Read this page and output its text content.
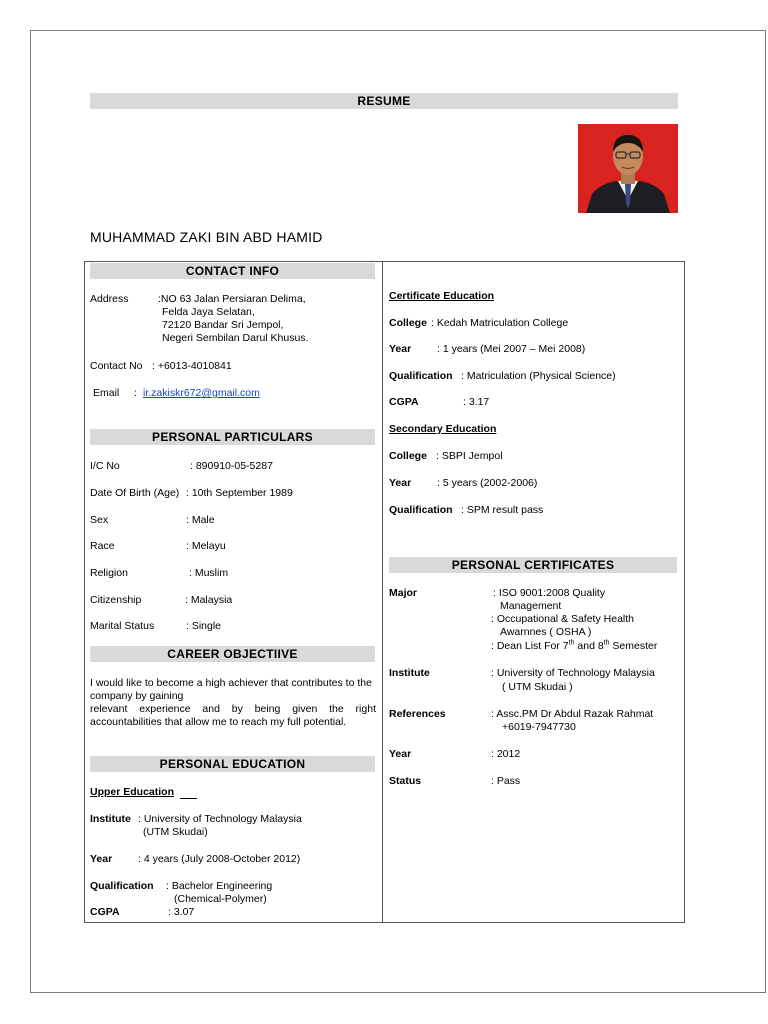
RESUME
MUHAMMAD ZAKI BIN ABD HAMID
CONTACT INFO
Address	:NO 63 Jalan Persiaran Delima,
Felda Jaya Selatan,
72120 Bandar Sri Jempol,
Negeri Sembilan Darul Khusus.
Contact No : +6013-4010841
Email : ir.zakiskr672@gmail.com
PERSONAL PARTICULARS
I/C No	: 890910-05-5287
Date Of Birth (Age) : 10th September 1989
Sex	: Male
Race	: Melayu
Religion	: Muslim
Citizenship	: Malaysia
Marital Status	: Single
CAREER OBJECTIIVE
I would like to become a high achiever that contributes to the company by gaining
relevant experience and by being given the right accountabilities that allow me to reach my full potential.
PERSONAL EDUCATION
Upper Education
Institute : University of Technology Malaysia
(UTM Skudai)
Year : 4 years (July 2008-October 2012)
Qualification : Bachelor Engineering
(Chemical-Polymer)
CGPA	: 3.07
Certificate Education
College : Kedah Matriculation College
Year : 1 years (Mei 2007 – Mei 2008)
Qualification : Matriculation (Physical Science)
CGPA	: 3.17
Secondary Education
College : SBPI Jempol
Year : 5 years (2002-2006)
Qualification : SPM result pass
PERSONAL CERTIFICATES
Major	: ISO 9001:2008 Quality
Management
: Occupational & Safety Health
Awarnnes ( OSHA )
: Dean List For 7th and 8th Semester
Institute	: University of Technology Malaysia
( UTM Skudai )
References	: Assc.PM Dr Abdul Razak Rahmat
+6019-7947730
Year	: 2012
Status	: Pass
